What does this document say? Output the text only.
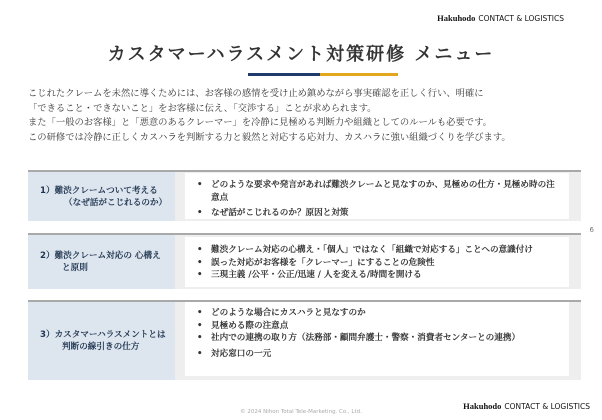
Hakuhodo CONTACT & LOGISTICS
カスタマーハラスメント対策研修 メニュー

こじれたクレームを未然に導くためには、お客様の感情を受け止め鎮めながら事実確認を正しく行い、明確に

「できること・できないこと」をお客様に伝え、「交渉する」ことが求められます。

また「一般のお客様」と「悪意のあるクレーマー」を冷静に見極める判断力や組織としてのルールも必要です。

この研修では冷静に正しくカスハラを判断する力と毅然と対応する応対力、カスハラに強い組織づくりを学びます。

1）難渋クレームついて考える
（なぜ話がこじれるのか）
• どのような要求や発言があれば難渋クレームと見なすのか、見極めの仕方・見極め時の注意点
• なぜ話がこじれるのか？原因と対策
2）難渋クレーム対応の 心構え
と原則
• 難渋クレーム対応の心構え・「個人」ではなく「組織で対応する」ことへの意識付け
• 誤った対応がお客様を「クレーマー」にすることの危険性
• 三現主義 /公平・公正/迅速 / 人を変える/時間を開ける
3）カスタマーハラスメントとは
判断の線引きの仕方
• どのような場合にカスハラと見なすのか
• 見極める際の注意点
• 社内での連携の取り方（法務部・顧問弁護士・警察・消費者センターとの連携）
• 対応窓口の一元
6
© 2024 Nihon Total Tele-Marketing. Co., Ltd.
Hakuhodo CONTACT & LOGISTICS
